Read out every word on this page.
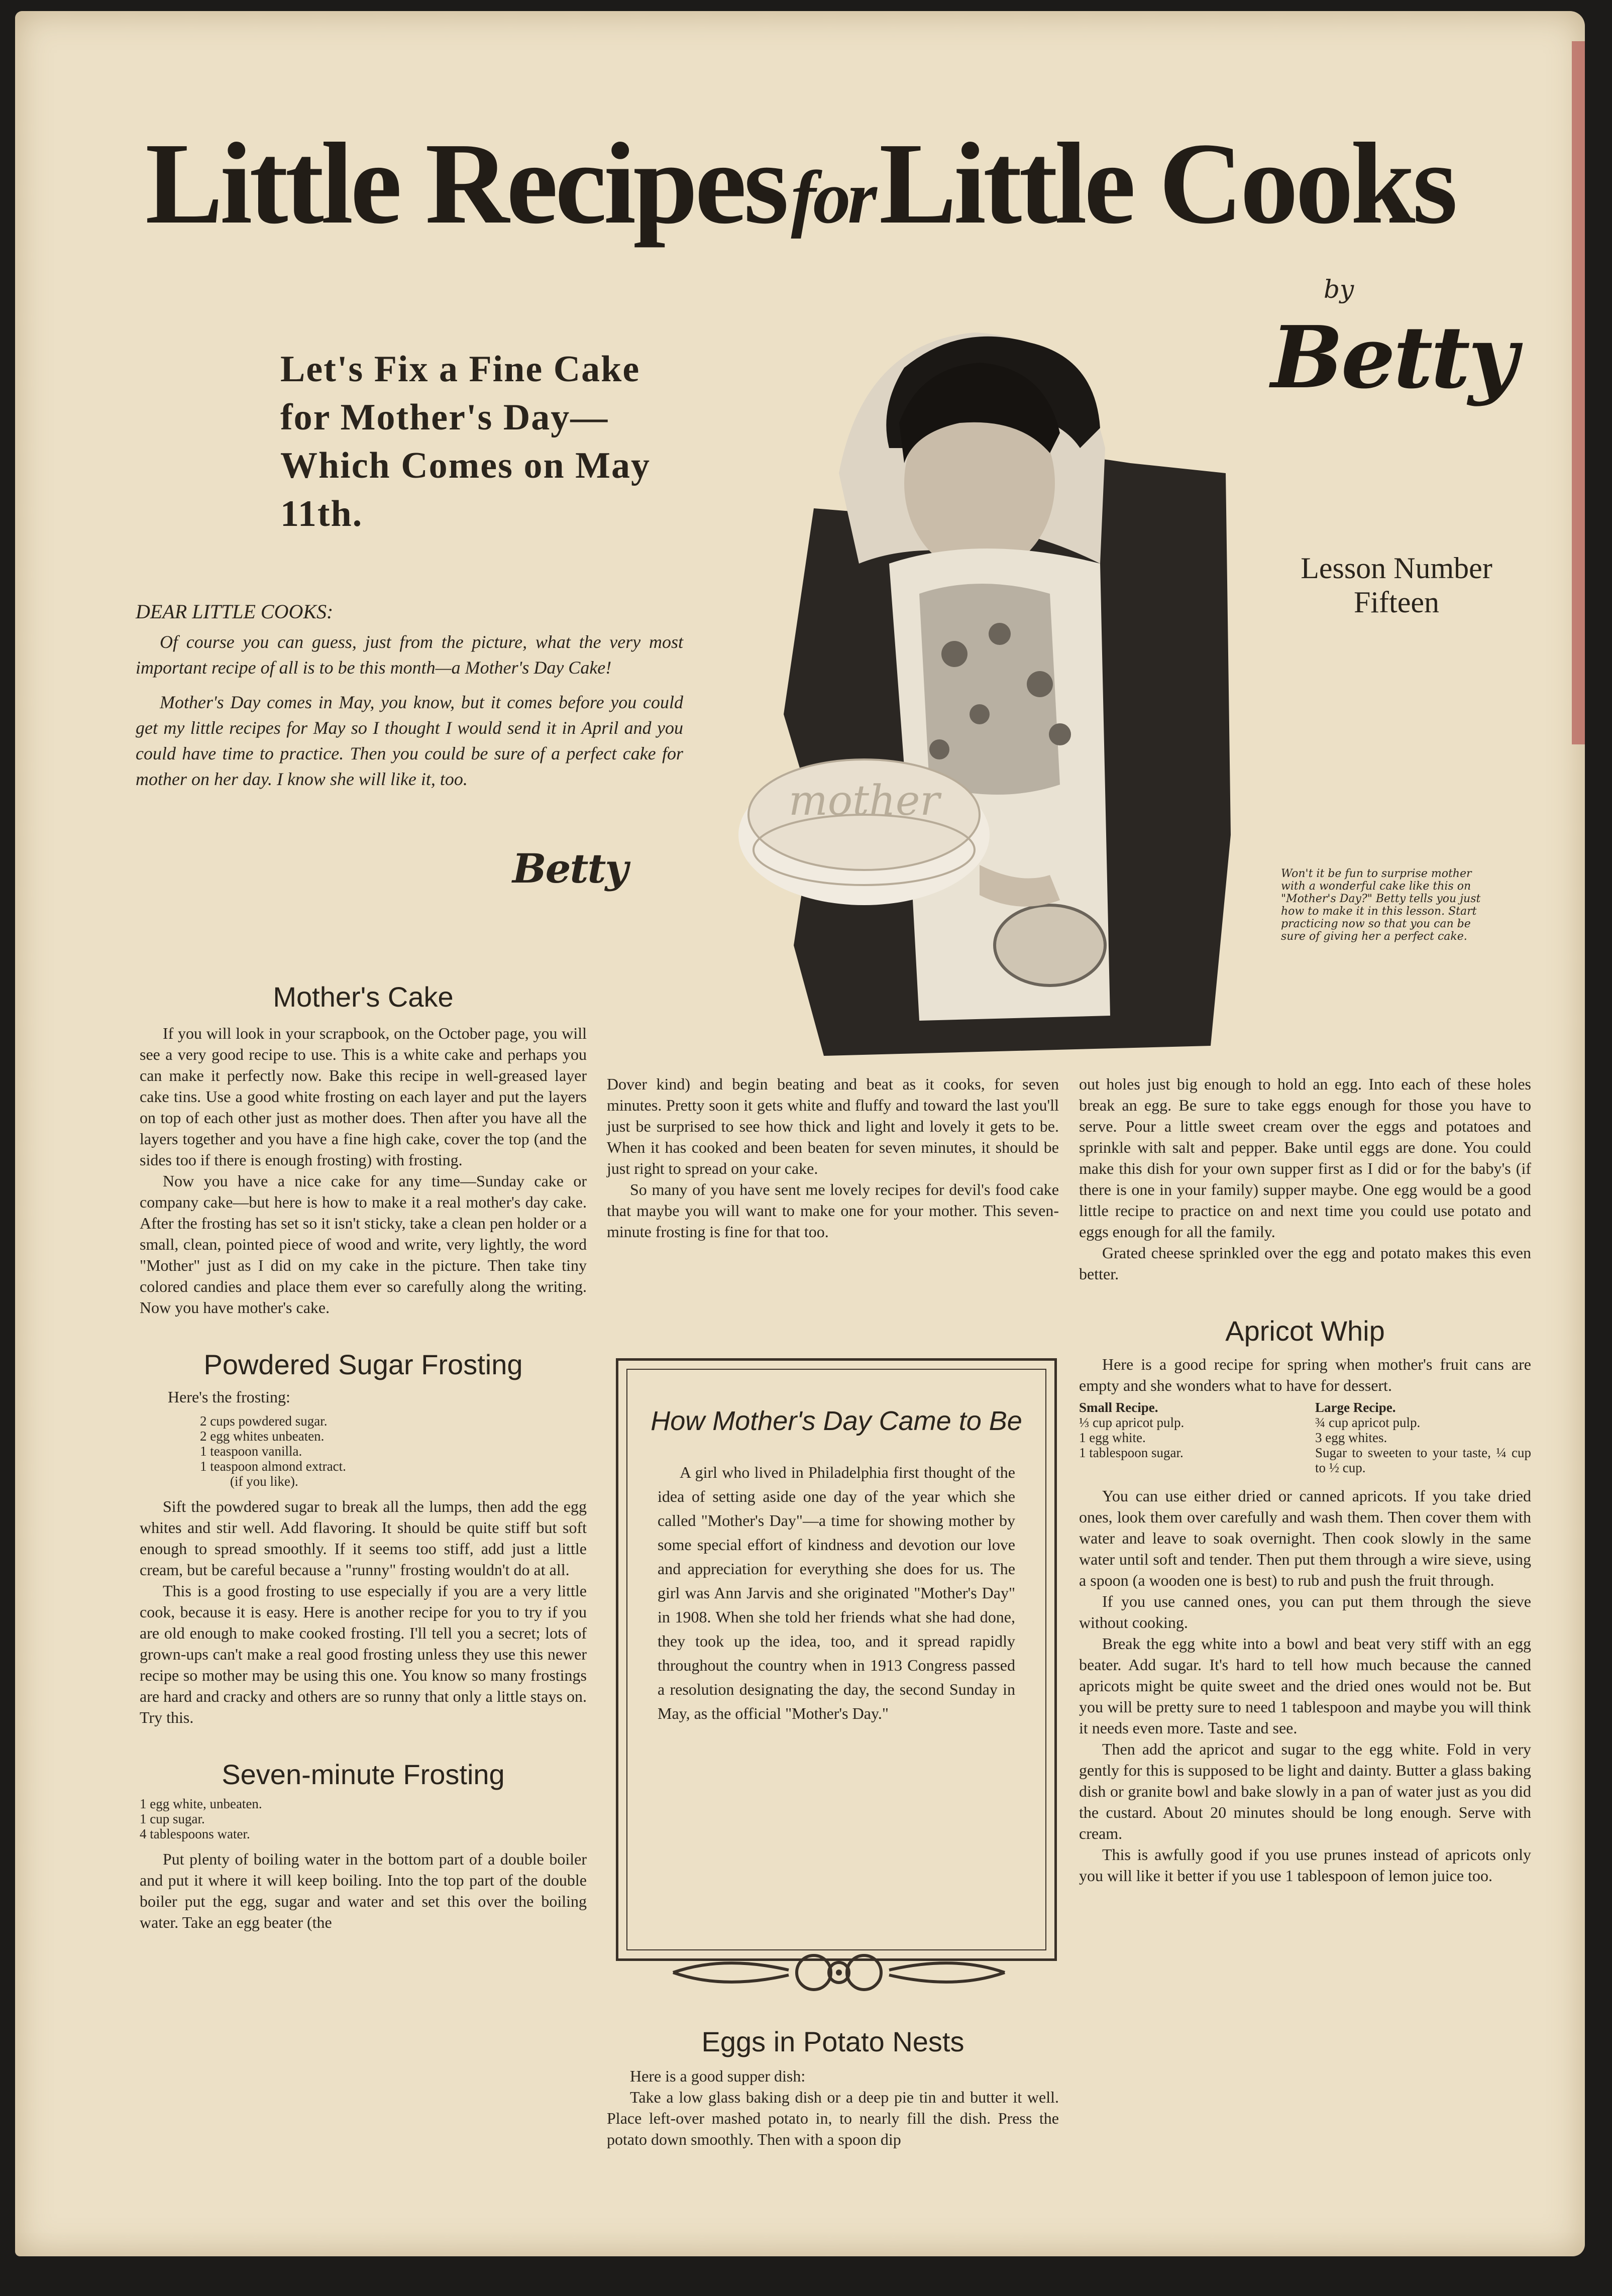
Little RecipesforLittle Cooks
by
Betty
Lesson Number Fifteen
Let's Fix a Fine Cake for Mother's Day—Which Comes on May 11th.

DEAR LITTLE COOKS:

Of course you can guess, just from the picture, what the very most important recipe of all is to be this month—a Mother's Day Cake!

Mother's Day comes in May, you know, but it comes before you could get my little recipes for May so I thought I would send it in April and you could have time to practice. Then you could be sure of a perfect cake for mother on her day. I know she will like it, too.

Betty
mother
Won't it be fun to surprise mother with a wonderful cake like this on "Mother's Day?" Betty tells you just how to make it in this lesson. Start practicing now so that you can be sure of giving her a perfect cake.
Mother's Cake

If you will look in your scrapbook, on the October page, you will see a very good recipe to use. This is a white cake and perhaps you can make it perfectly now. Bake this recipe in well-greased layer cake tins. Use a good white frosting on each layer and put the layers on top of each other just as mother does. Then after you have all the layers together and you have a fine high cake, cover the top (and the sides too if there is enough frosting) with frosting.

Now you have a nice cake for any time—Sunday cake or company cake—but here is how to make it a real mother's day cake. After the frosting has set so it isn't sticky, take a clean pen holder or a small, clean, pointed piece of wood and write, very lightly, the word "Mother" just as I did on my cake in the picture. Then take tiny colored candies and place them ever so carefully along the writing. Now you have mother's cake.

Powdered Sugar Frosting

Here's the frosting:

2 cups powdered sugar.
2 egg whites unbeaten.
1 teaspoon vanilla.
1 teaspoon almond extract.
(if you like).

Sift the powdered sugar to break all the lumps, then add the egg whites and stir well. Add flavoring. It should be quite stiff but soft enough to spread smoothly. If it seems too stiff, add just a little cream, but be careful because a "runny" frosting wouldn't do at all.

This is a good frosting to use especially if you are a very little cook, because it is easy. Here is another recipe for you to try if you are old enough to make cooked frosting. I'll tell you a secret; lots of grown-ups can't make a real good frosting unless they use this newer recipe so mother may be using this one. You know so many frostings are hard and cracky and others are so runny that only a little stays on. Try this.

Seven-minute Frosting

1 egg white, unbeaten.
1 cup sugar.
4 tablespoons water.

Put plenty of boiling water in the bottom part of a double boiler and put it where it will keep boiling. Into the top part of the double boiler put the egg, sugar and water and set this over the boiling water. Take an egg beater (the

Dover kind) and begin beating and beat as it cooks, for seven minutes. Pretty soon it gets white and fluffy and toward the last you'll just be surprised to see how thick and light and lovely it gets to be. When it has cooked and been beaten for seven minutes, it should be just right to spread on your cake.

So many of you have sent me lovely recipes for devil's food cake that maybe you will want to make one for your mother. This seven-minute frosting is fine for that too.

How Mother's Day Came to Be

A girl who lived in Philadelphia first thought of the idea of setting aside one day of the year which she called "Mother's Day"—a time for showing mother by some special effort of kindness and devotion our love and appreciation for everything she does for us. The girl was Ann Jarvis and she originated "Mother's Day" in 1908. When she told her friends what she had done, they took up the idea, too, and it spread rapidly throughout the country when in 1913 Congress passed a resolution designating the day, the second Sunday in May, as the official "Mother's Day."

Eggs in Potato Nests

Here is a good supper dish:

Take a low glass baking dish or a deep pie tin and butter it well. Place left-over mashed potato in, to nearly fill the dish. Press the potato down smoothly. Then with a spoon dip

out holes just big enough to hold an egg. Into each of these holes break an egg. Be sure to take eggs enough for those you have to serve. Pour a little sweet cream over the eggs and potatoes and sprinkle with salt and pepper. Bake until eggs are done. You could make this dish for your own supper first as I did or for the baby's (if there is one in your family) supper maybe. One egg would be a good little recipe to practice on and next time you could use potato and eggs enough for all the family.

Grated cheese sprinkled over the egg and potato makes this even better.

Apricot Whip

Here is a good recipe for spring when mother's fruit cans are empty and she wonders what to have for dessert.

Small Recipe.
⅓ cup apricot pulp.
1 egg white.
1 tablespoon sugar.
Large Recipe.
¾ cup apricot pulp.
3 egg whites.
Sugar to sweeten to your taste, ¼ cup to ½ cup.

You can use either dried or canned apricots. If you take dried ones, look them over carefully and wash them. Then cover them with water and leave to soak overnight. Then cook slowly in the same water until soft and tender. Then put them through a wire sieve, using a spoon (a wooden one is best) to rub and push the fruit through.

If you use canned ones, you can put them through the sieve without cooking.

Break the egg white into a bowl and beat very stiff with an egg beater. Add sugar. It's hard to tell how much because the canned apricots might be quite sweet and the dried ones would not be. But you will be pretty sure to need 1 tablespoon and maybe you will think it needs even more. Taste and see.

Then add the apricot and sugar to the egg white. Fold in very gently for this is supposed to be light and dainty. Butter a glass baking dish or granite bowl and bake slowly in a pan of water just as you did the custard. About 20 minutes should be long enough. Serve with cream.

This is awfully good if you use prunes instead of apricots only you will like it better if you use 1 tablespoon of lemon juice too.
